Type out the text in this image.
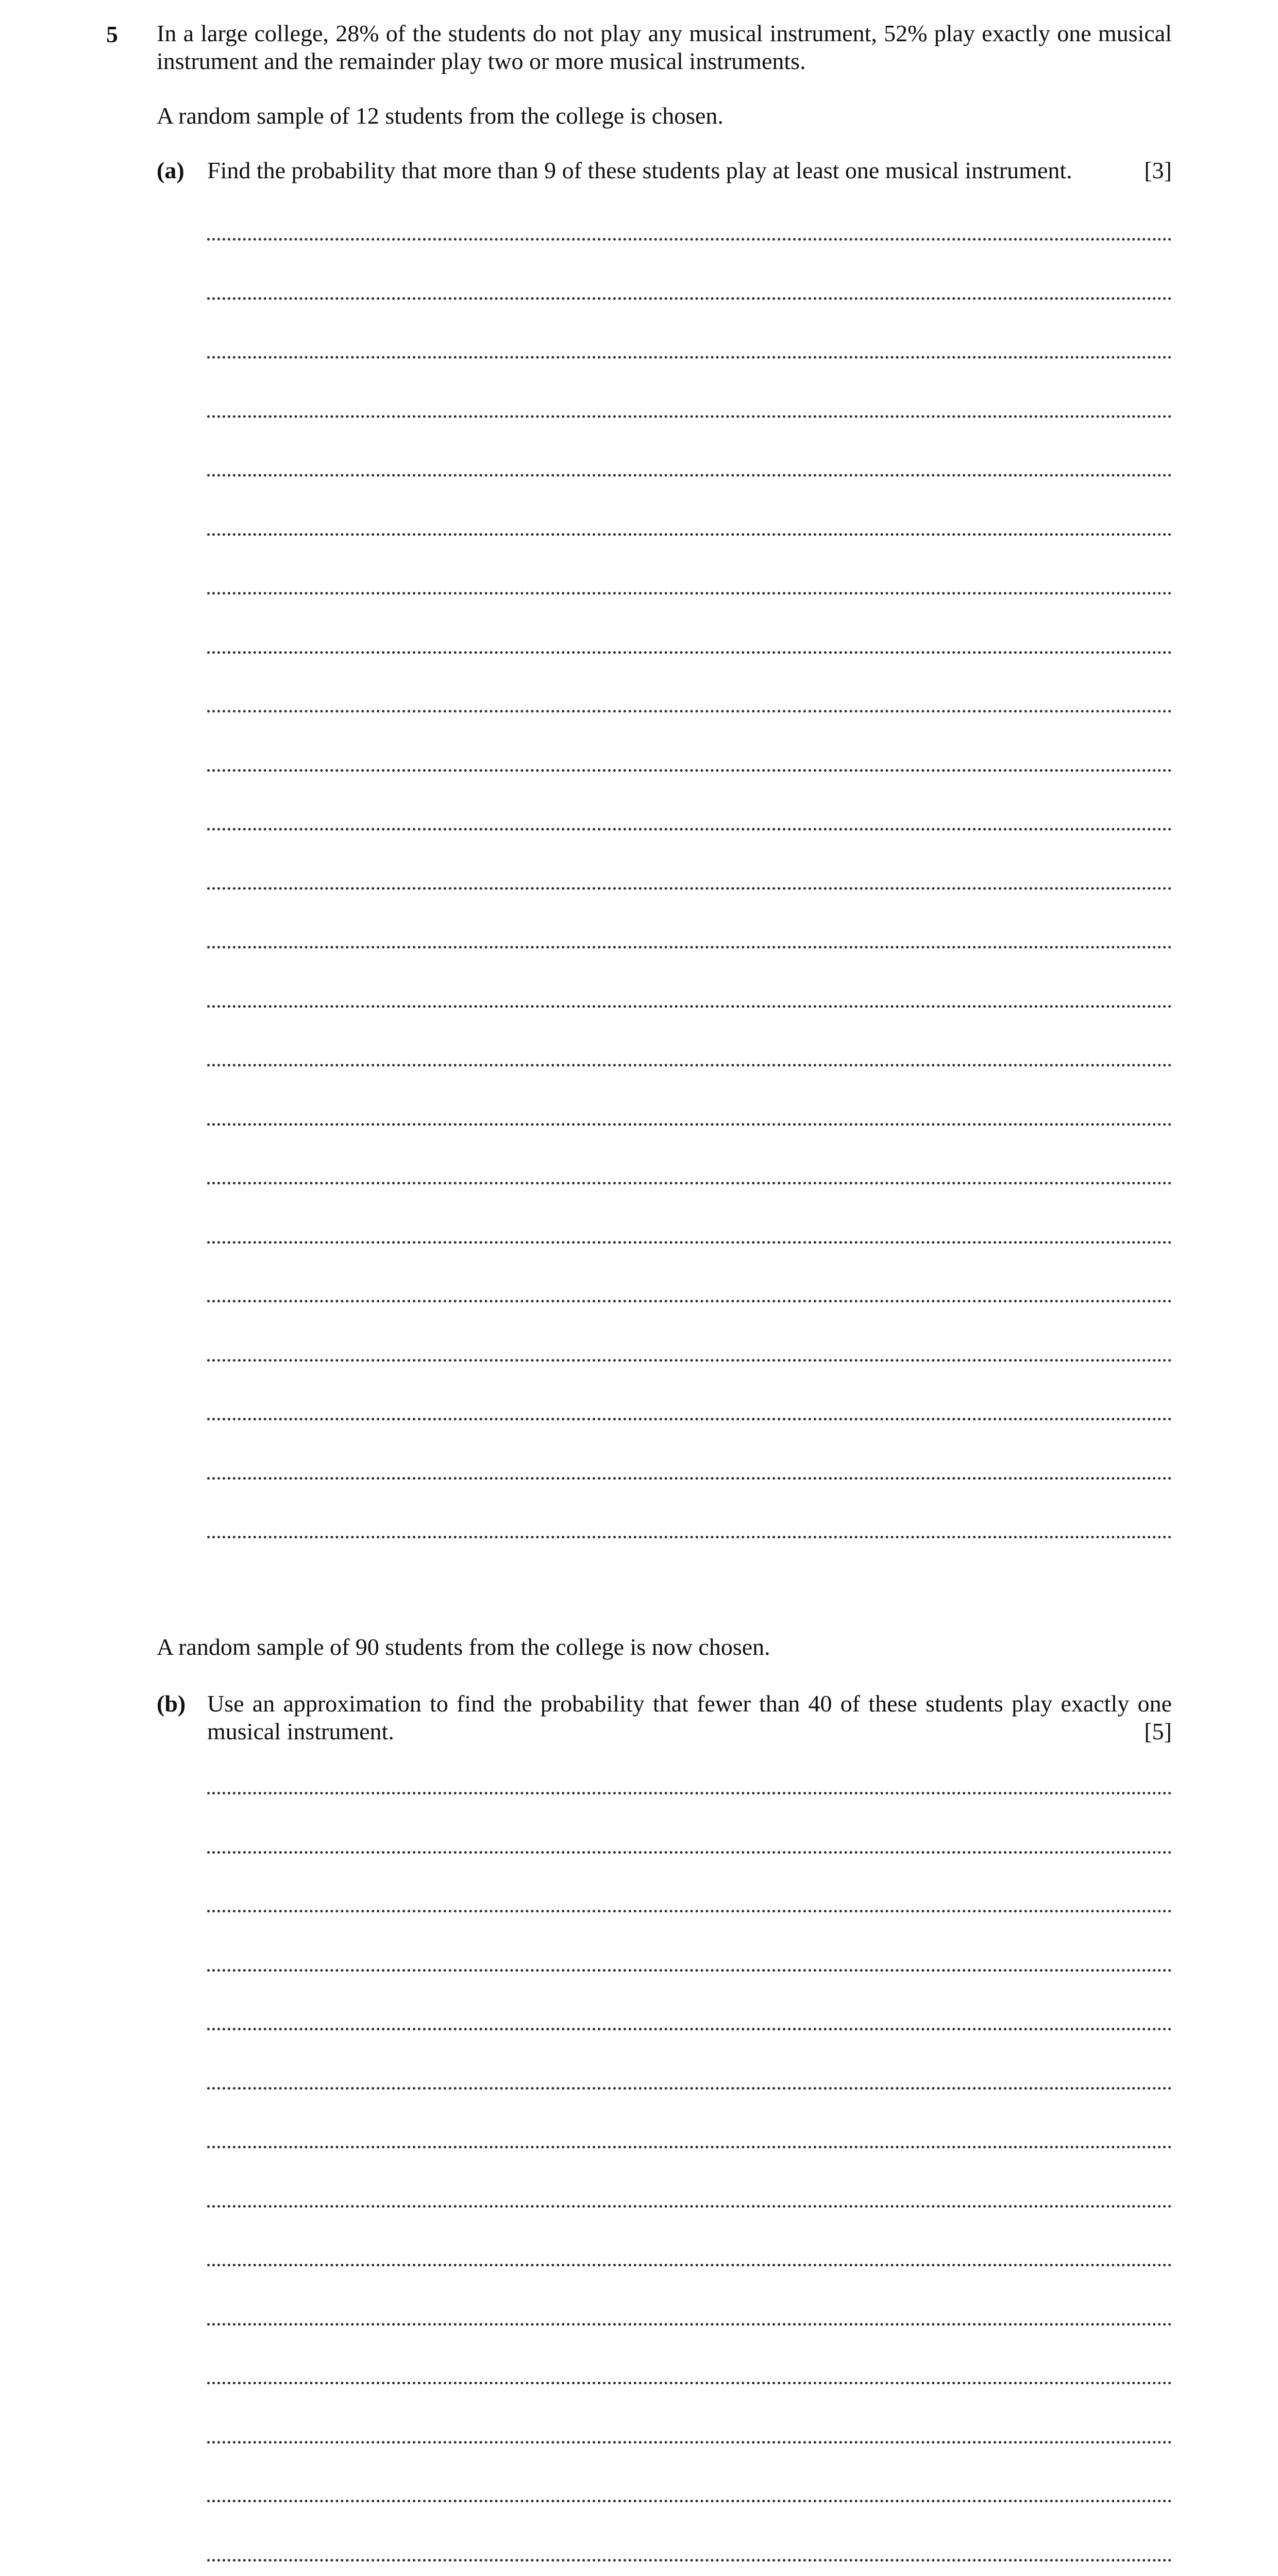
5 In a large college, 28% of the students do not play any musical instrument, 52% play exactly one musical instrument and the remainder play two or more musical instruments.
A random sample of 12 students from the college is chosen.
(a)	[3]
Find the probability that more than 9 of these students play at least one musical instrument.
A random sample of 90 students from the college is now chosen.
(b) Use an approximation to find the probability that fewer than 40 of these students play exactly one musical instrument.	[5]
